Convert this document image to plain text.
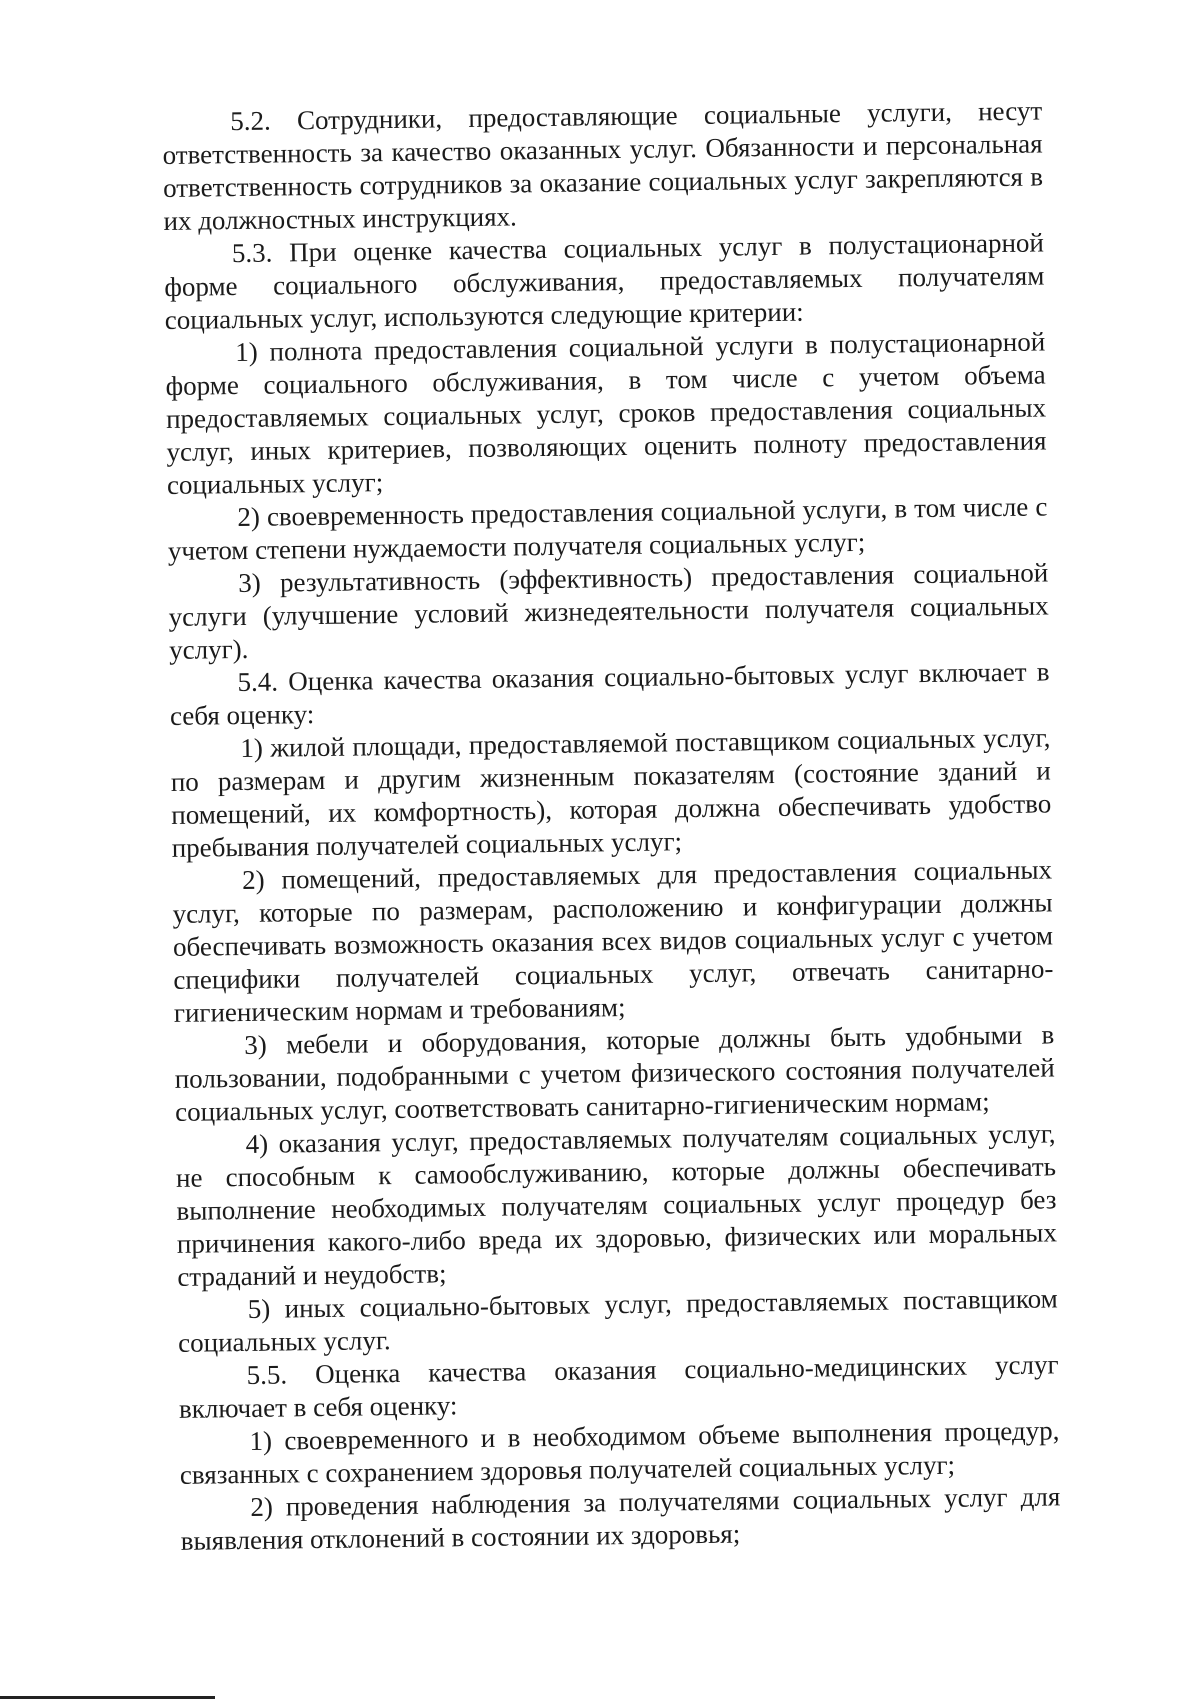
5.2. Сотрудники, предоставляющие социальные услуги, несут ответственность за качество оказанных услуг. Обязанности и персональная ответственность сотрудников за оказание социальных услуг закрепляются в их должностных инструкциях.

5.3. При оценке качества социальных услуг в полустационарной форме социального обслуживания, предоставляемых получателям социальных услуг, используются следующие критерии:

1) полнота предоставления социальной услуги в полустационарной форме социального обслуживания, в том числе с учетом объема предоставляемых социальных услуг, сроков предоставления социальных услуг, иных критериев, позволяющих оценить полноту предоставления социальных услуг;

2) своевременность предоставления социальной услуги, в том числе с учетом степени нуждаемости получателя социальных услуг;

3) результативность (эффективность) предоставления социальной услуги (улучшение условий жизнедеятельности получателя социальных услуг).

5.4. Оценка качества оказания социально-бытовых услуг включает в себя оценку:

1) жилой площади, предоставляемой поставщиком социальных услуг, по размерам и другим жизненным показателям (состояние зданий и помещений, их комфортность), которая должна обеспечивать удобство пребывания получателей социальных услуг;

2) помещений, предоставляемых для предоставления социальных услуг, которые по размерам, расположению и конфигурации должны обеспечивать возможность оказания всех видов социальных услуг с учетом специфики получателей социальных услуг, отвечать санитарно-гигиеническим нормам и требованиям;

3) мебели и оборудования, которые должны быть удобными в пользовании, подобранными с учетом физического состояния получателей социальных услуг, соответствовать санитарно-гигиеническим нормам;

4) оказания услуг, предоставляемых получателям социальных услуг, не способным к самообслуживанию, которые должны обеспечивать выполнение необходимых получателям социальных услуг процедур без причинения какого-либо вреда их здоровью, физических или моральных страданий и неудобств;

5) иных социально-бытовых услуг, предоставляемых поставщиком социальных услуг.

5.5. Оценка качества оказания социально-медицинских услуг включает в себя оценку:

1) своевременного и в необходимом объеме выполнения процедур, связанных с сохранением здоровья получателей социальных услуг;

2) проведения наблюдения за получателями социальных услуг для выявления отклонений в состоянии их здоровья;
